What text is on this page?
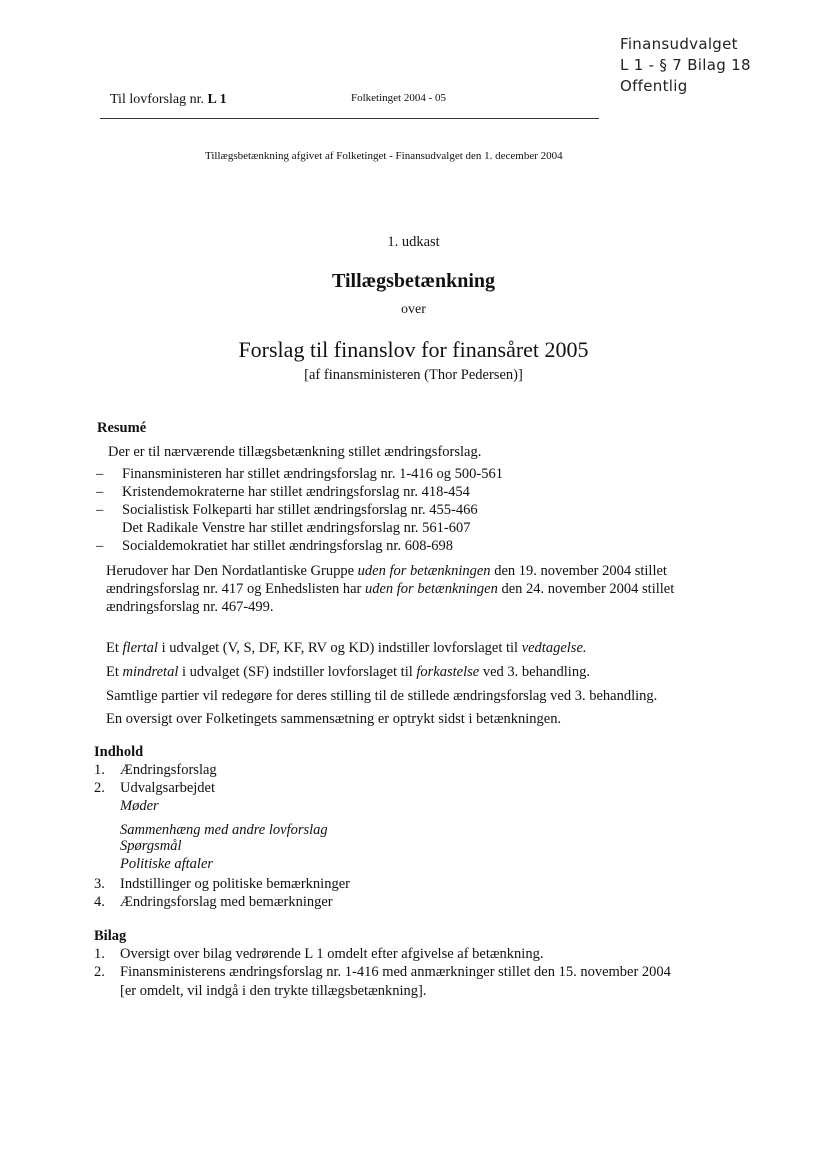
Finansudvalget
L 1 - § 7 Bilag 18
Offentlig
Til lovforslag nr. L 1	Folketinget 2004 - 05
Tillægsbetænkning afgivet af Folketinget - Finansudvalget den 1. december 2004
1. udkast
Tillægsbetænkning
over
Forslag til finanslov for finansåret 2005
[af finansministeren (Thor Pedersen)]
Resumé
Der er til nærværende tillægsbetænkning stillet ændringsforslag.
– Finansministeren har stillet ændringsforslag nr. 1-416 og 500-561
– Kristendemokraterne har stillet ændringsforslag nr. 418-454
– Socialistisk Folkeparti har stillet ændringsforslag nr. 455-466
Det Radikale Venstre har stillet ændringsforslag nr. 561-607
– Socialdemokratiet har stillet ændringsforslag nr. 608-698
Herudover har Den Nordatlantiske Gruppe uden for betænkningen den 19. november 2004 stillet
ændringsforslag nr. 417 og Enhedslisten har uden for betænkningen den 24. november 2004 stillet
ændringsforslag nr. 467-499.
Et flertal i udvalget (V, S, DF, KF, RV og KD) indstiller lovforslaget til vedtagelse.
Et mindretal i udvalget (SF) indstiller lovforslaget til forkastelse ved 3. behandling.
Samtlige partier vil redegøre for deres stilling til de stillede ændringsforslag ved 3. behandling.
En oversigt over Folketingets sammensætning er optrykt sidst i betænkningen.
Indhold
1. Ændringsforslag
2. Udvalgsarbejdet
Møder
Sammenhæng med andre lovforslag
Spørgsmål
Politiske aftaler
3. Indstillinger og politiske bemærkninger
4. Ændringsforslag med bemærkninger
Bilag
1. Oversigt over bilag vedrørende L 1 omdelt efter afgivelse af betænkning.
2. Finansministerens ændringsforslag nr. 1-416 med anmærkninger stillet den 15. november 2004
[er omdelt, vil indgå i den trykte tillægsbetænkning].
